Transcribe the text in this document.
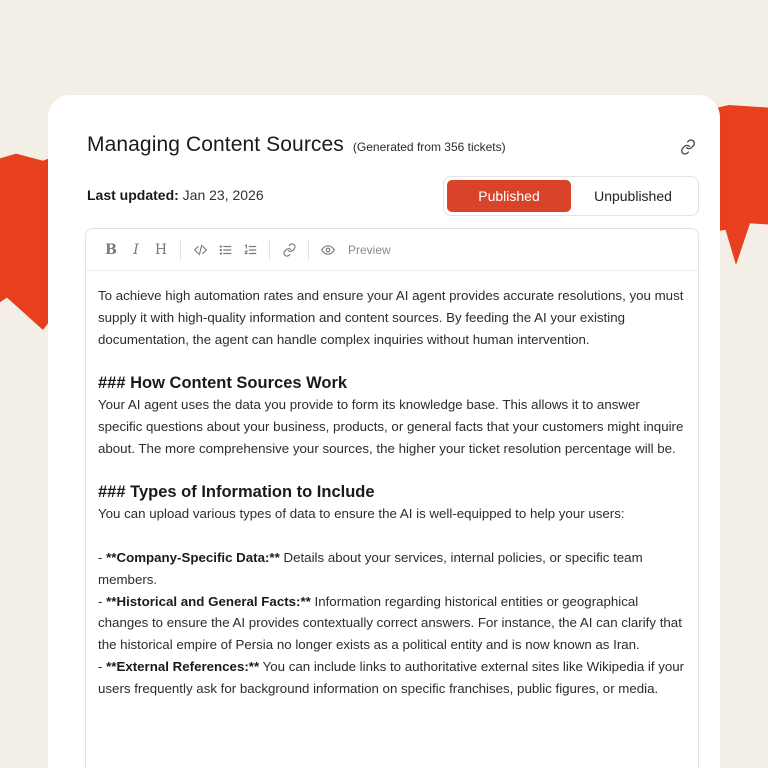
Managing Content Sources (Generated from 356 tickets)
Last updated: Jan 23, 2026	Published	Unpublished
B	I	H	Preview

To achieve high automation rates and ensure your AI agent provides accurate resolutions, you must supply it with high-quality information and content sources. By feeding the AI your existing documentation, the agent can handle complex inquiries without human intervention.

### How Content Sources Work

Your AI agent uses the data you provide to form its knowledge base. This allows it to answer specific questions about your business, products, or general facts that your customers might inquire about. The more comprehensive your sources, the higher your ticket resolution percentage will be.

### Types of Information to Include

You can upload various types of data to ensure the AI is well-equipped to help your users:

- **Company-Specific Data:** Details about your services, internal policies, or specific team members.

- **Historical and General Facts:** Information regarding historical entities or geographical changes to ensure the AI provides contextually correct answers. For instance, the AI can clarify that the historical empire of Persia no longer exists as a political entity and is now known as Iran.

- **External References:** You can include links to authoritative external sites like Wikipedia if your users frequently ask for background information on specific franchises, public figures, or media.
